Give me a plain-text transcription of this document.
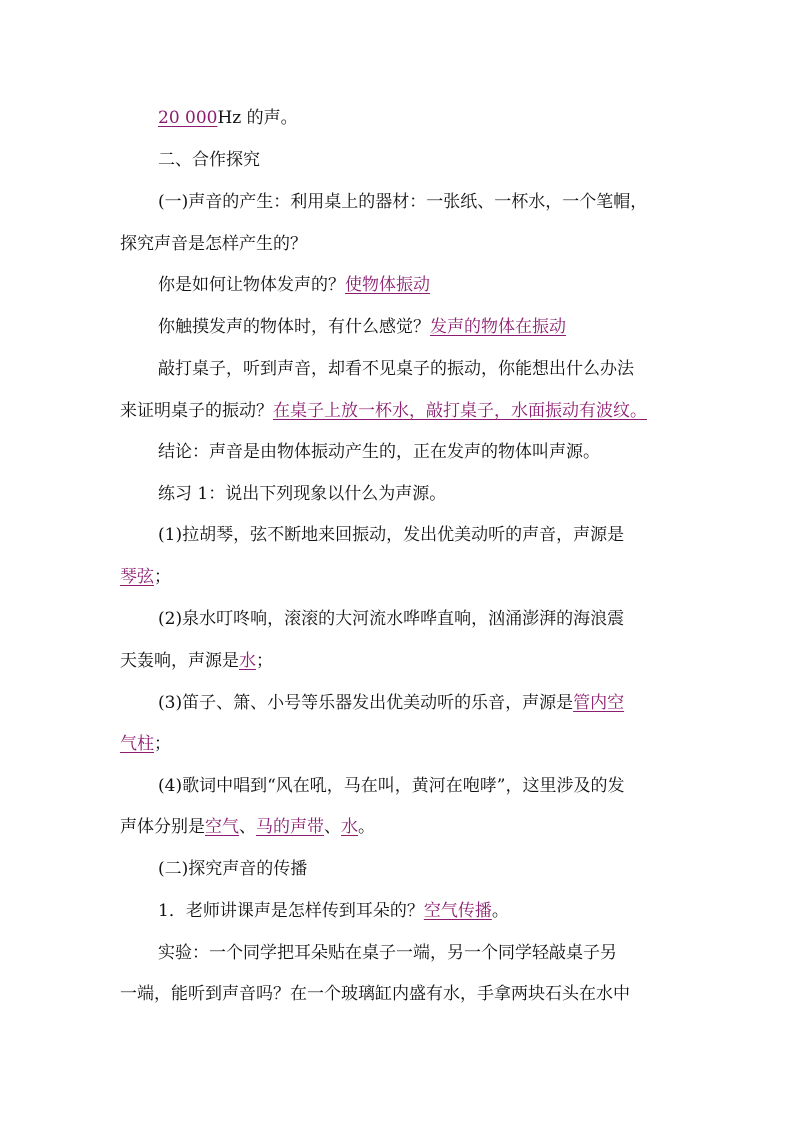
20 000Hz 的声。
二、合作探究
(一)声音的产生：利用桌上的器材：一张纸、一杯水，一个笔帽，
探究声音是怎样产生的？
你是如何让物体发声的？使物体振动
你触摸发声的物体时，有什么感觉？发声的物体在振动
敲打桌子，听到声音，却看不见桌子的振动，你能想出什么办法
来证明桌子的振动？在桌子上放一杯水，敲打桌子，水面振动有波纹。
结论：声音是由物体振动产生的，正在发声的物体叫声源。
练习 1：说出下列现象以什么为声源。
(1)拉胡琴，弦不断地来回振动，发出优美动听的声音，声源是
琴弦；
(2)泉水叮咚响，滚滚的大河流水哗哗直响，汹涌澎湃的海浪震
天轰响，声源是水；
(3)笛子、箫、小号等乐器发出优美动听的乐音，声源是管内空
气柱；
(4)歌词中唱到“风在吼，马在叫，黄河在咆哮”，这里涉及的发
声体分别是空气、马的声带、水。
(二)探究声音的传播
1．老师讲课声是怎样传到耳朵的？空气传播。
实验：一个同学把耳朵贴在桌子一端，另一个同学轻敲桌子另
一端，能听到声音吗？在一个玻璃缸内盛有水，手拿两块石头在水中
